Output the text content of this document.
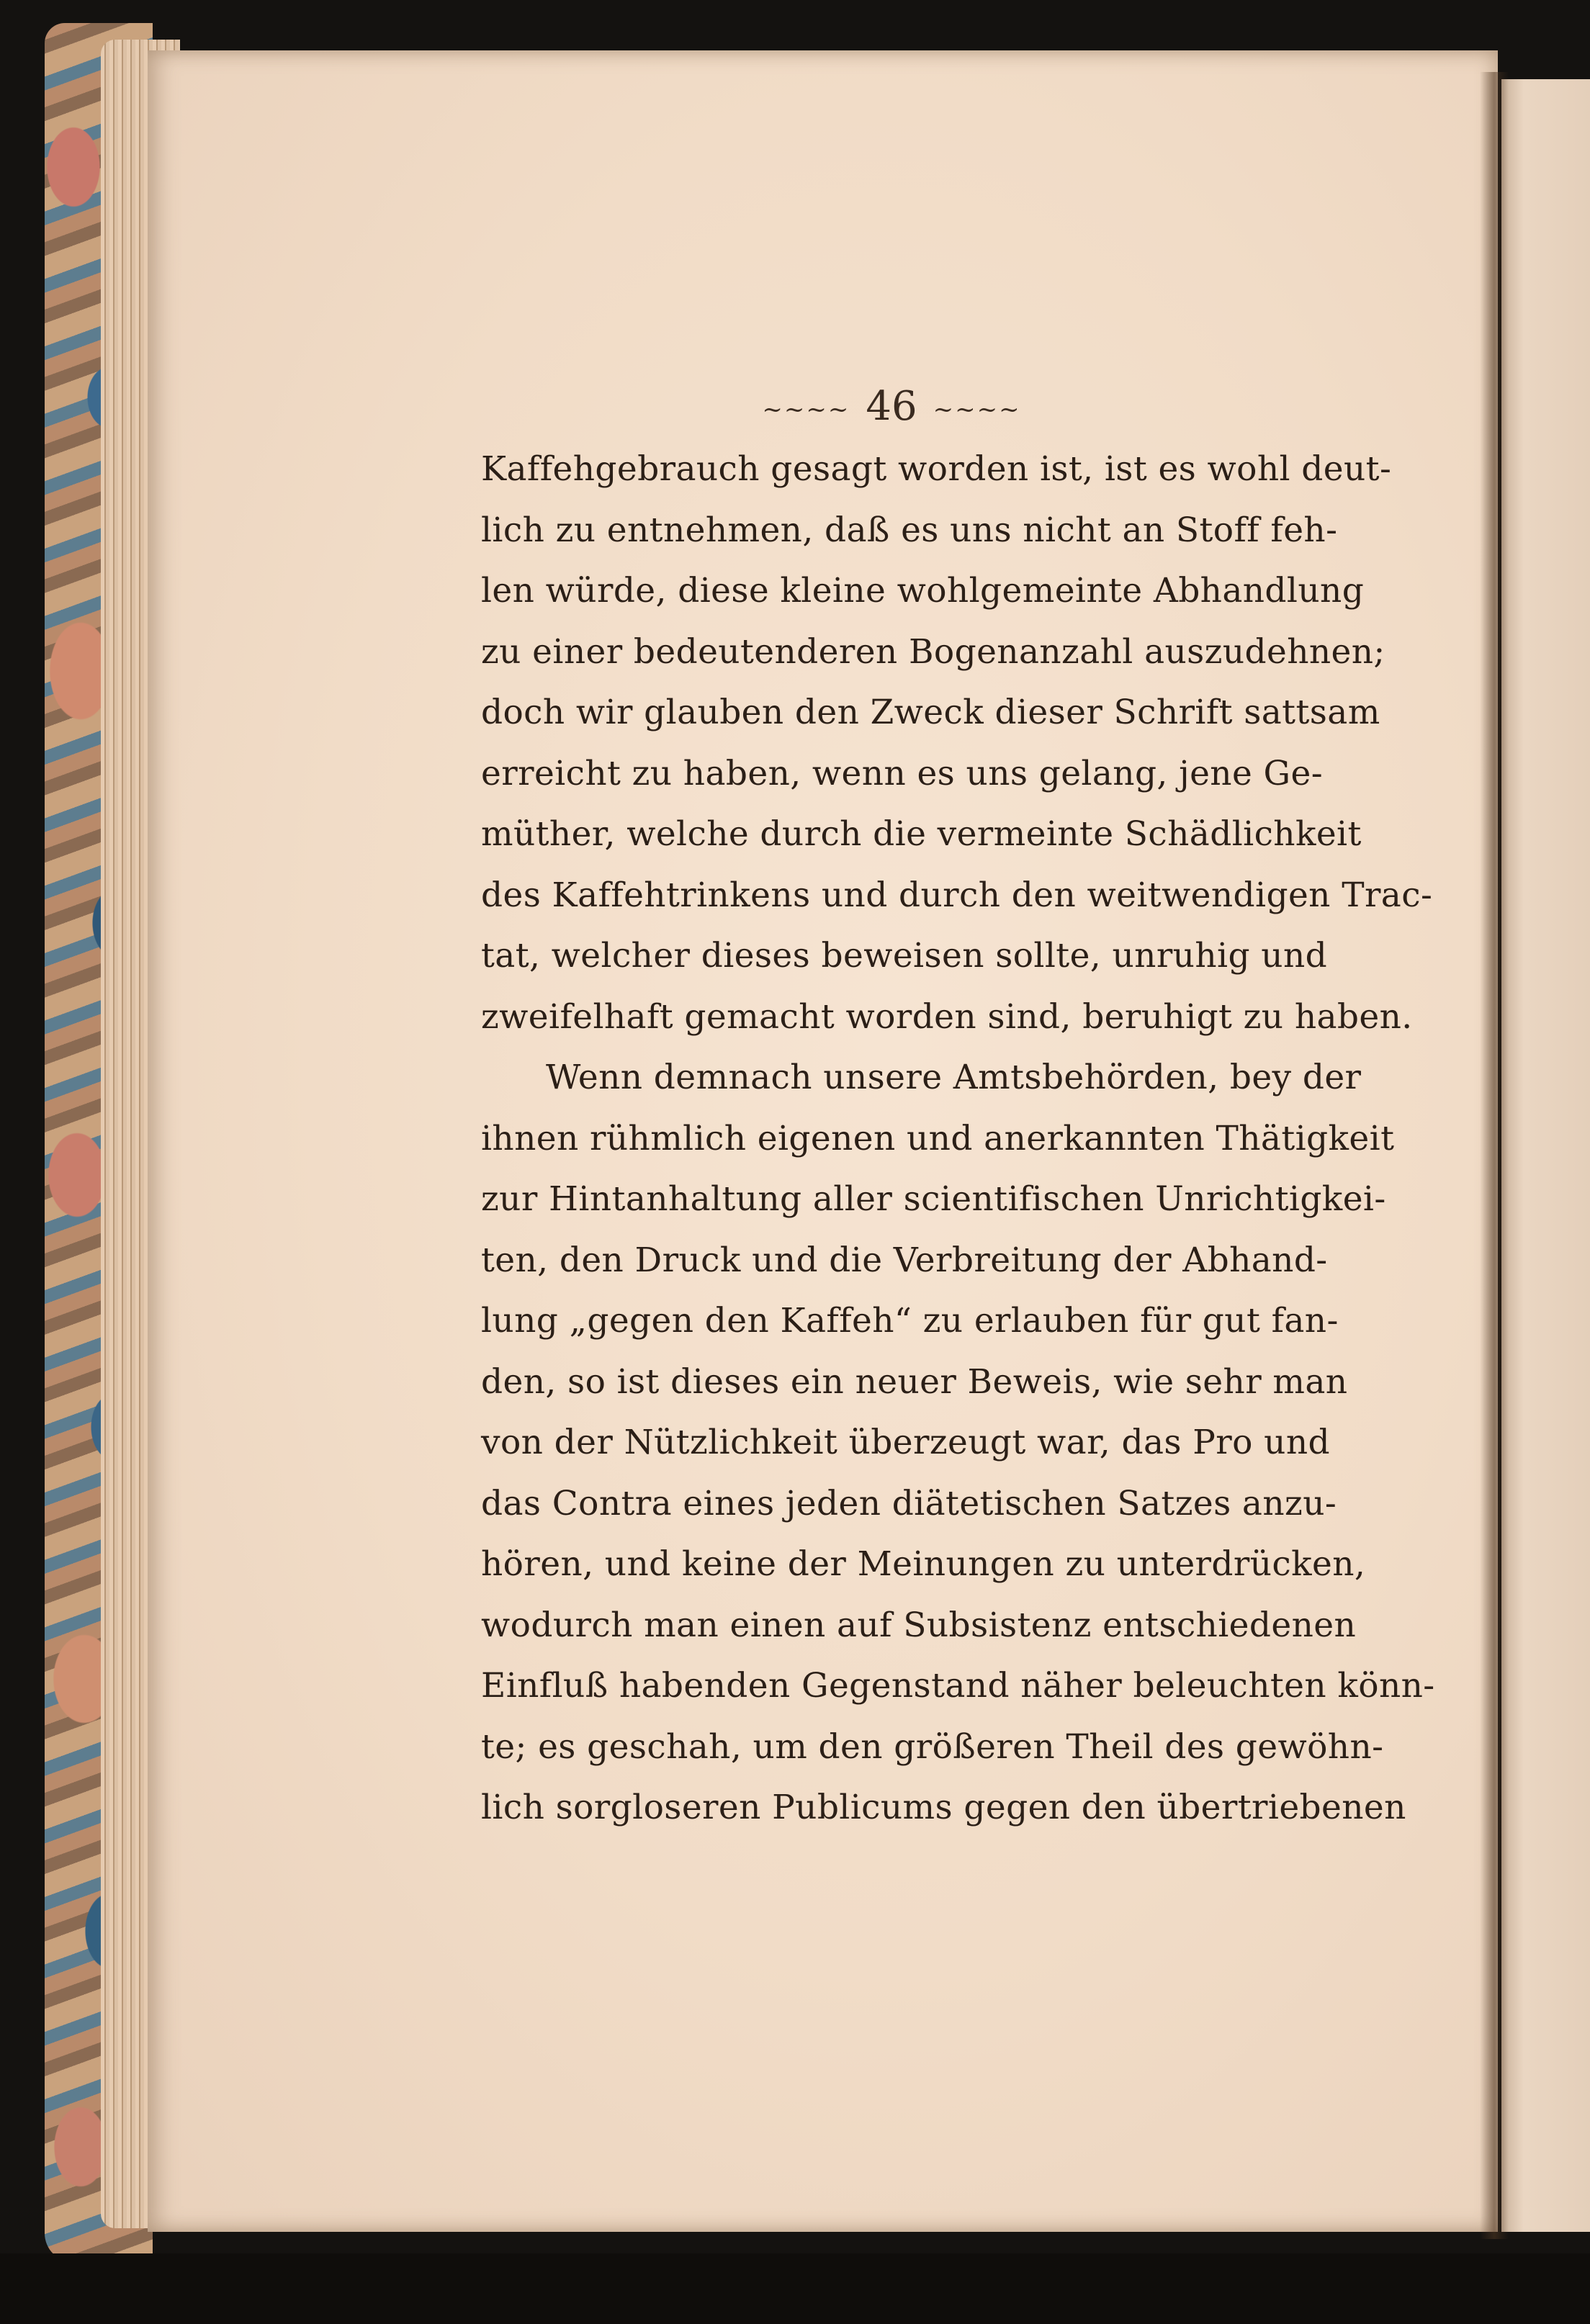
~~~~ 46 ~~~~
Kaffehgebrauch gesagt worden ist, ist es wohl deut-
lich zu entnehmen, daß es uns nicht an Stoff feh-
len würde, diese kleine wohlgemeinte Abhandlung
zu einer bedeutenderen Bogenanzahl auszudehnen;
doch wir glauben den Zweck dieser Schrift sattsam
erreicht zu haben, wenn es uns gelang, jene Ge-
müther, welche durch die vermeinte Schädlichkeit
des Kaffehtrinkens und durch den weitwendigen Trac-
tat, welcher dieses beweisen sollte, unruhig und
zweifelhaft gemacht worden sind, beruhigt zu haben.
Wenn demnach unsere Amtsbehörden, bey der
ihnen rühmlich eigenen und anerkannten Thätigkeit
zur Hintanhaltung aller scientifischen Unrichtigkei-
ten, den Druck und die Verbreitung der Abhand-
lung „gegen den Kaffeh“ zu erlauben für gut fan-
den, so ist dieses ein neuer Beweis, wie sehr man
von der Nützlichkeit überzeugt war, das Pro und
das Contra eines jeden diätetischen Satzes anzu-
hören, und keine der Meinungen zu unterdrücken,
wodurch man einen auf Subsistenz entschiedenen
Einfluß habenden Gegenstand näher beleuchten könn-
te; es geschah, um den größeren Theil des gewöhn-
lich sorgloseren Publicums gegen den übertriebenen
